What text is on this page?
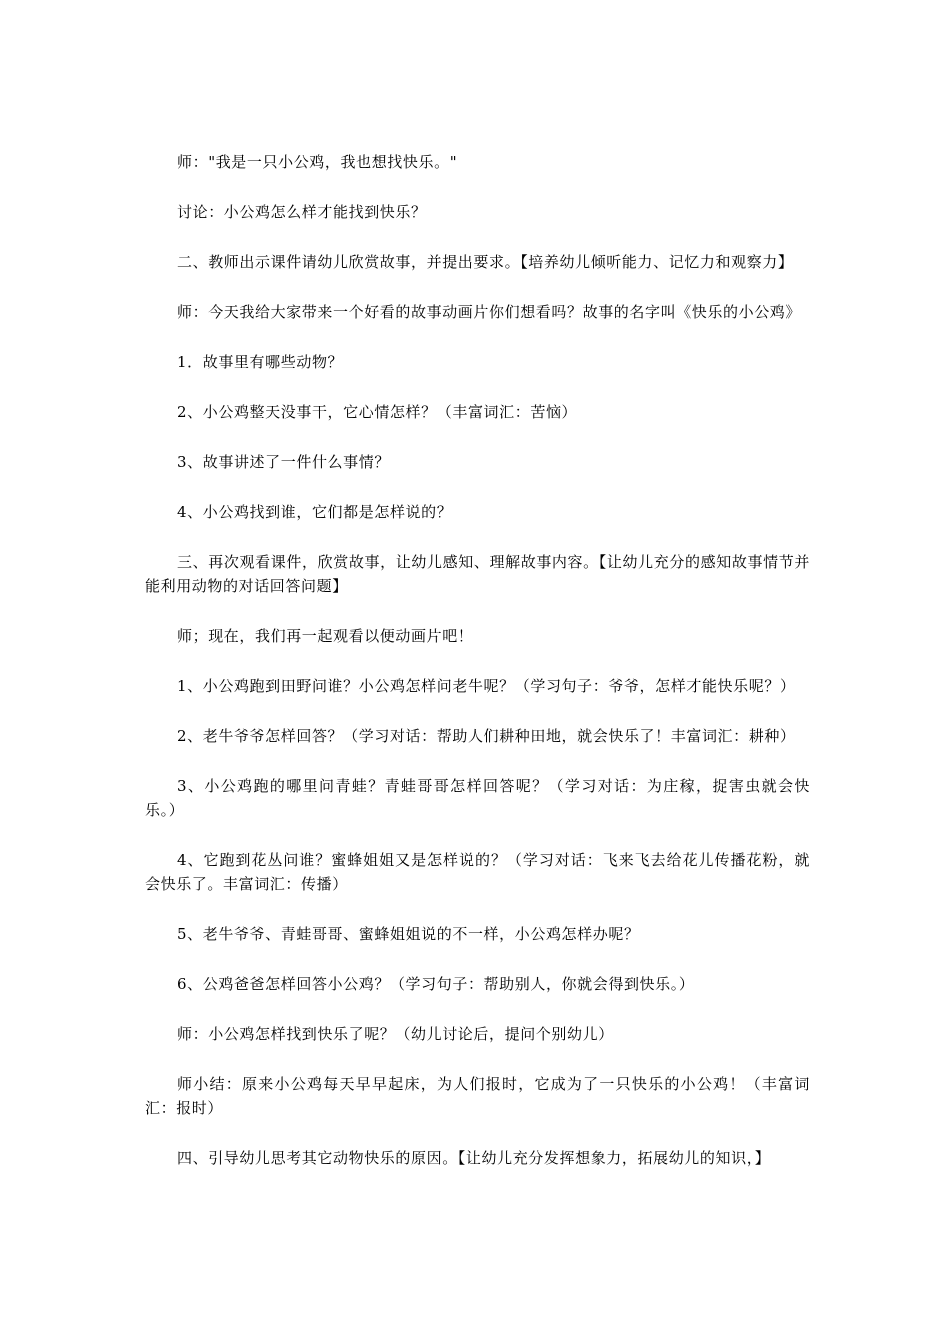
师："我是一只小公鸡，我也想找快乐。"

讨论：小公鸡怎么样才能找到快乐？

二、教师出示课件请幼儿欣赏故事，并提出要求。【培养幼儿倾听能力、记忆力和观察力】

师：今天我给大家带来一个好看的故事动画片你们想看吗？故事的名字叫《快乐的小公鸡》

1．故事里有哪些动物？

2、小公鸡整天没事干，它心情怎样？（丰富词汇：苦恼）

3、故事讲述了一件什么事情？

4、小公鸡找到谁，它们都是怎样说的？

三、再次观看课件，欣赏故事，让幼儿感知、理解故事内容。【让幼儿充分的感知故事情节并能利用动物的对话回答问题】

师；现在，我们再一起观看以便动画片吧！

1、小公鸡跑到田野问谁？小公鸡怎样问老牛呢？（学习句子：爷爷，怎样才能快乐呢？）

2、老牛爷爷怎样回答？（学习对话：帮助人们耕种田地，就会快乐了！丰富词汇：耕种）

3、小公鸡跑的哪里问青蛙？青蛙哥哥怎样回答呢？（学习对话：为庄稼，捉害虫就会快乐。）

4、它跑到花丛问谁？蜜蜂姐姐又是怎样说的？（学习对话：飞来飞去给花儿传播花粉，就会快乐了。丰富词汇：传播）

5、老牛爷爷、青蛙哥哥、蜜蜂姐姐说的不一样，小公鸡怎样办呢？

6、公鸡爸爸怎样回答小公鸡？（学习句子：帮助别人，你就会得到快乐。）

师：小公鸡怎样找到快乐了呢？（幼儿讨论后，提问个别幼儿）

师小结：原来小公鸡每天早早起床，为人们报时，它成为了一只快乐的小公鸡！（丰富词汇：报时）

四、引导幼儿思考其它动物快乐的原因。【让幼儿充分发挥想象力，拓展幼儿的知识，】
